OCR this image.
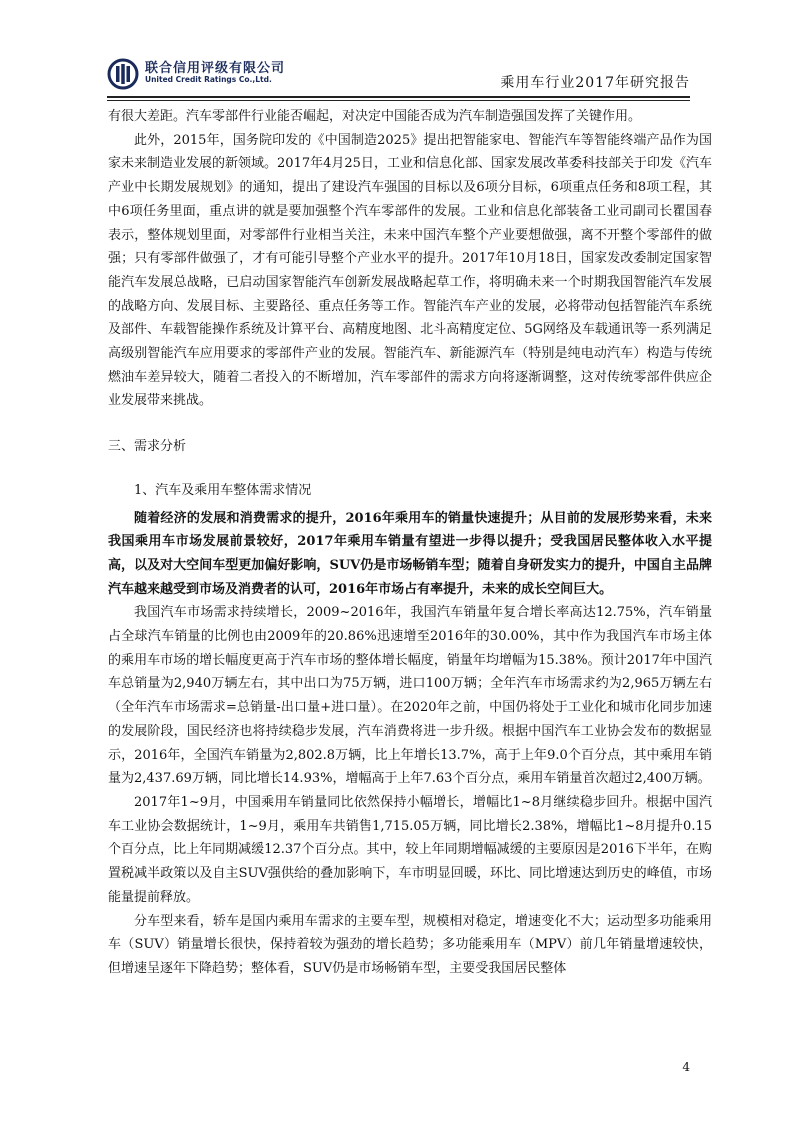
联合信用评级有限公司
United Credit Ratings Co.,Ltd.	乘用车行业2017年研究报告

有很大差距。汽车零部件行业能否崛起，对决定中国能否成为汽车制造强国发挥了关键作用。

此外，2015年，国务院印发的《中国制造2025》提出把智能家电、智能汽车等智能终端产品作为国家未来制造业发展的新领域。2017年4月25日，工业和信息化部、国家发展改革委科技部关于印发《汽车产业中长期发展规划》的通知，提出了建设汽车强国的目标以及6项分目标，6项重点任务和8项工程，其中6项任务里面，重点讲的就是要加强整个汽车零部件的发展。工业和信息化部装备工业司副司长瞿国春表示，整体规划里面，对零部件行业相当关注，未来中国汽车整个产业要想做强，离不开整个零部件的做强；只有零部件做强了，才有可能引导整个产业水平的提升。2017年10月18日，国家发改委制定国家智能汽车发展总战略，已启动国家智能汽车创新发展战略起草工作，将明确未来一个时期我国智能汽车发展的战略方向、发展目标、主要路径、重点任务等工作。智能汽车产业的发展，必将带动包括智能汽车系统及部件、车载智能操作系统及计算平台、高精度地图、北斗高精度定位、5G网络及车载通讯等一系列满足高级别智能汽车应用要求的零部件产业的发展。智能汽车、新能源汽车（特别是纯电动汽车）构造与传统燃油车差异较大，随着二者投入的不断增加，汽车零部件的需求方向将逐渐调整，这对传统零部件供应企业发展带来挑战。

三、需求分析

1、汽车及乘用车整体需求情况

随着经济的发展和消费需求的提升，2016年乘用车的销量快速提升；从目前的发展形势来看，未来我国乘用车市场发展前景较好，2017年乘用车销量有望进一步得以提升；受我国居民整体收入水平提高，以及对大空间车型更加偏好影响，SUV仍是市场畅销车型；随着自身研发实力的提升，中国自主品牌汽车越来越受到市场及消费者的认可，2016年市场占有率提升，未来的成长空间巨大。

我国汽车市场需求持续增长，2009~2016年，我国汽车销量年复合增长率高达12.75%，汽车销量占全球汽车销量的比例也由2009年的20.86%迅速增至2016年的30.00%，其中作为我国汽车市场主体的乘用车市场的增长幅度更高于汽车市场的整体增长幅度，销量年均增幅为15.38%。预计2017年中国汽车总销量为2,940万辆左右，其中出口为75万辆，进口100万辆；全年汽车市场需求约为2,965万辆左右（全年汽车市场需求=总销量-出口量+进口量）。在2020年之前，中国仍将处于工业化和城市化同步加速的发展阶段，国民经济也将持续稳步发展，汽车消费将进一步升级。根据中国汽车工业协会发布的数据显示，2016年，全国汽车销量为2,802.8万辆，比上年增长13.7%，高于上年9.0个百分点，其中乘用车销量为2,437.69万辆，同比增长14.93%，增幅高于上年7.63个百分点，乘用车销量首次超过2,400万辆。

2017年1~9月，中国乘用车销量同比依然保持小幅增长，增幅比1~8月继续稳步回升。根据中国汽车工业协会数据统计，1~9月，乘用车共销售1,715.05万辆，同比增长2.38%，增幅比1~8月提升0.15个百分点，比上年同期减缓12.37个百分点。其中，较上年同期增幅减缓的主要原因是2016下半年，在购置税减半政策以及自主SUV强供给的叠加影响下，车市明显回暖，环比、同比增速达到历史的峰值，市场能量提前释放。

分车型来看，轿车是国内乘用车需求的主要车型，规模相对稳定，增速变化不大；运动型多功能乘用车（SUV）销量增长很快，保持着较为强劲的增长趋势；多功能乘用车（MPV）前几年销量增速较快，但增速呈逐年下降趋势；整体看，SUV仍是市场畅销车型，主要受我国居民整体

4
